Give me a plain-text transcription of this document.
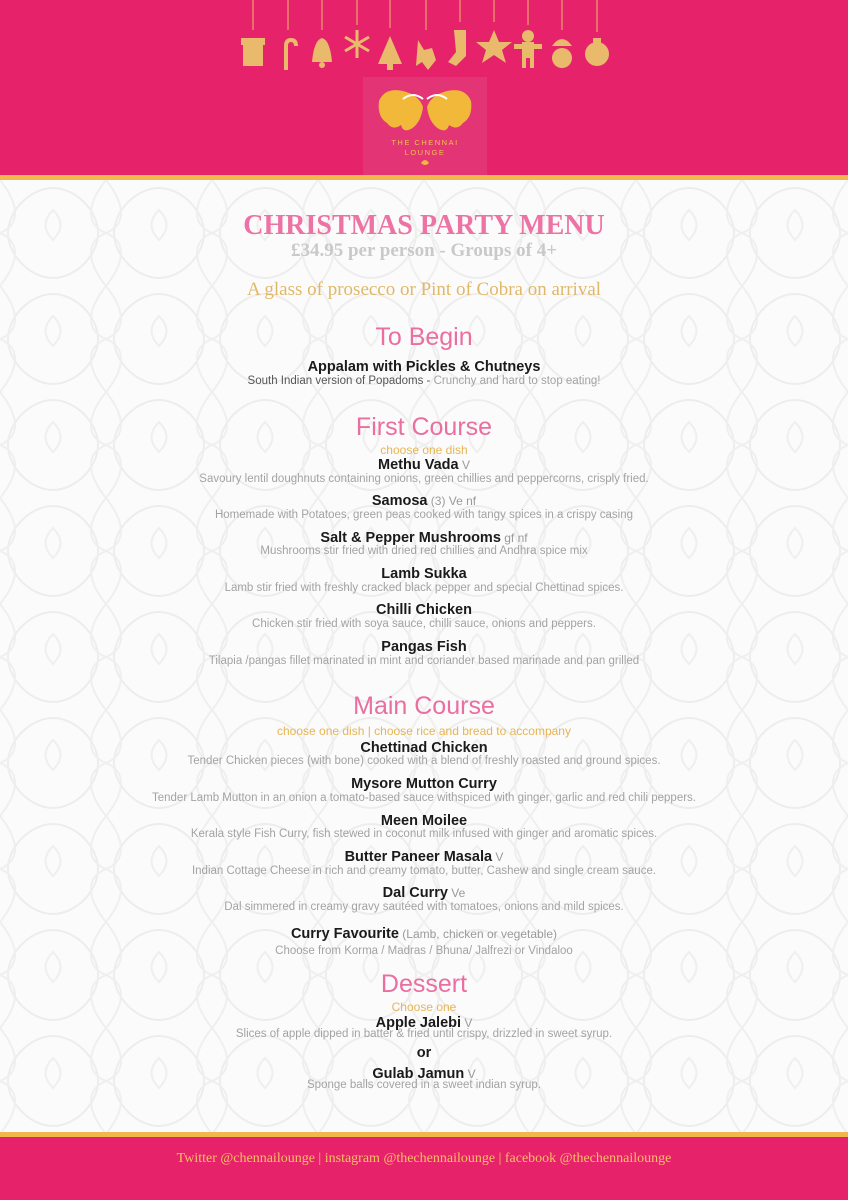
THE CHENNAI
LOUNGE
CHRISTMAS PARTY MENU
£34.95 per person - Groups of 4+
A glass of prosecco or Pint of Cobra on arrival
To Begin
Appalam with Pickles & Chutneys
South Indian version of Popadoms - Crunchy and hard to stop eating!
First Course
choose one dish
Methu Vada V
Savoury lentil doughnuts containing onions, green chillies and peppercorns, crisply fried.
Samosa (3) Ve nf
Homemade with Potatoes, green peas cooked with tangy spices in a crispy casing
Salt & Pepper Mushrooms gf nf
Mushrooms stir fried with dried red chillies and Andhra spice mix
Lamb Sukka
Lamb stir fried with freshly cracked black pepper and special Chettinad spices.
Chilli Chicken
Chicken stir fried with soya sauce, chilli sauce, onions and peppers.
Pangas Fish
Tilapia /pangas fillet marinated in mint and coriander based marinade and pan grilled
Main Course
choose one dish | choose rice and bread to accompany
Chettinad Chicken
Tender Chicken pieces (with bone) cooked with a blend of freshly roasted and ground spices.
Mysore Mutton Curry
Tender Lamb Mutton in an onion a tomato-based sauce withspiced with ginger, garlic and red chili peppers.
Meen Moilee
Kerala style Fish Curry, fish stewed in coconut milk infused with ginger and aromatic spices.
Butter Paneer Masala V
Indian Cottage Cheese in rich and creamy tomato, butter, Cashew and single cream sauce.
Dal Curry Ve
Dal simmered in creamy gravy sautéed with tomatoes, onions and mild spices.
Curry Favourite (Lamb, chicken or vegetable)
Choose from Korma / Madras / Bhuna/ Jalfrezi or Vindaloo
Dessert
Choose one
Apple Jalebi V
Slices of apple dipped in batter & fried until crispy, drizzled in sweet syrup.
or
Gulab Jamun V
Sponge balls covered in a sweet indian syrup.
Twitter @chennailounge | instagram @thechennailounge | facebook @thechennailounge
